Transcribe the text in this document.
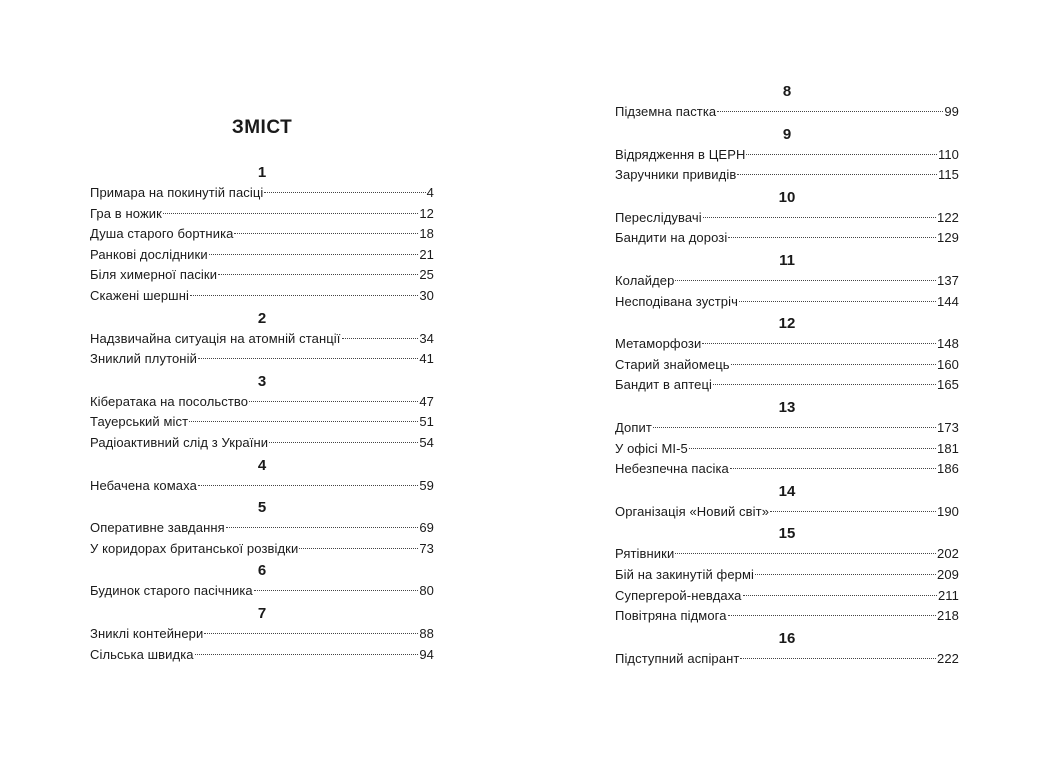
ЗМІСТ
1
Примара на покинутій пасіці	4
Гра в ножик	12
Душа старого бортника	18
Ранкові дослідники	21
Біля химерної пасіки	25
Скажені шершні	30
2
Надзвичайна ситуація на атомній станції	34
Зниклий плутоній	41
3
Кібератака на посольство	47
Тауерський міст	51
Радіоактивний слід з України	54
4
Небачена комаха	59
5
Оперативне завдання	69
У коридорах британської розвідки	73
6
Будинок старого пасічника	80
7
Зниклі контейнери	88
Сільська швидка	94
8
Підземна пастка	99
9
Відрядження в ЦЕРН	110
Заручники привидів	115
10
Переслідувачі	122
Бандити на дорозі	129
11
Колайдер	137
Несподівана зустріч	144
12
Метаморфози	148
Старий знайомець	160
Бандит в аптеці	165
13
Допит	173
У офісі МІ-5	181
Небезпечна пасіка	186
14
Організація «Новий світ»	190
15
Рятівники	202
Бій на закинутій фермі	209
Супергерой-невдаха	211
Повітряна підмога	218
16
Підступний аспірант	222
